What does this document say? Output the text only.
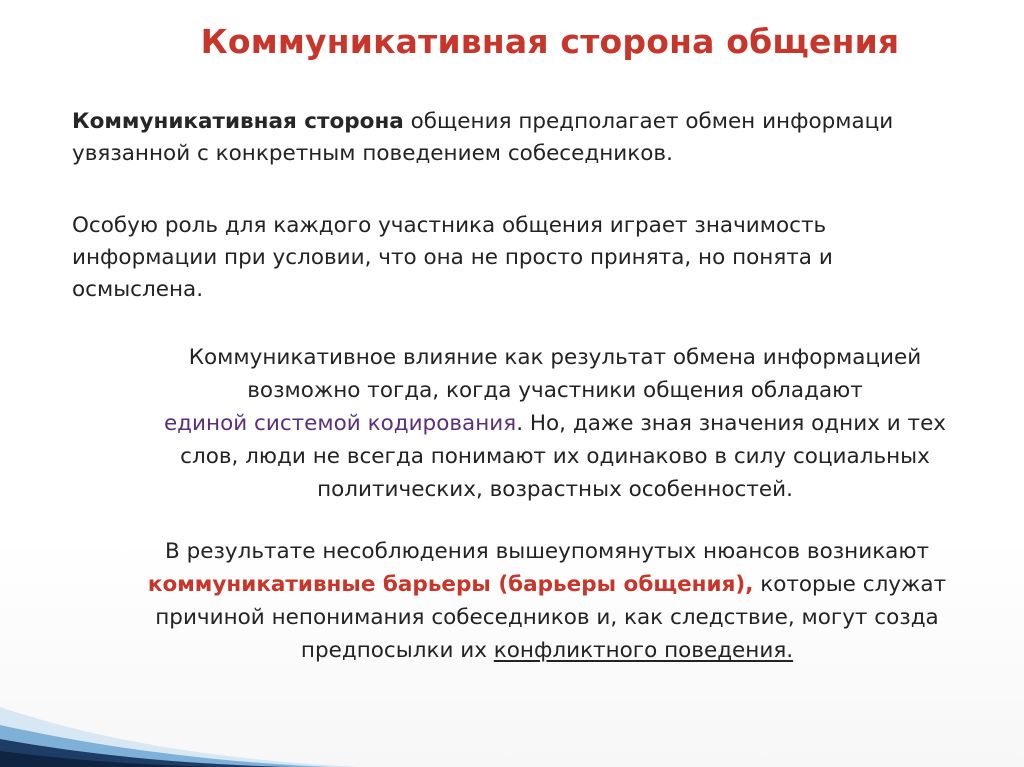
Коммуникативная сторона общения
Коммуникативная сторона общения предполагает обмен информаци
увязанной с конкретным поведением собеседников.
Особую роль для каждого участника общения играет значимость
информации при условии, что она не просто принята, но понята и
осмыслена.
Коммуникативное влияние как результат обмена информацией
возможно тогда, когда участники общения обладают
единой системой кодирования. Но, даже зная значения одних и тех
слов, люди не всегда понимают их одинаково в силу социальных
политических, возрастных особенностей.
В результате несоблюдения вышеупомянутых нюансов возникают
коммуникативные барьеры (барьеры общения), которые служат
причиной непонимания собеседников и, как следствие, могут созда
предпосылки их конфликтного поведения.
